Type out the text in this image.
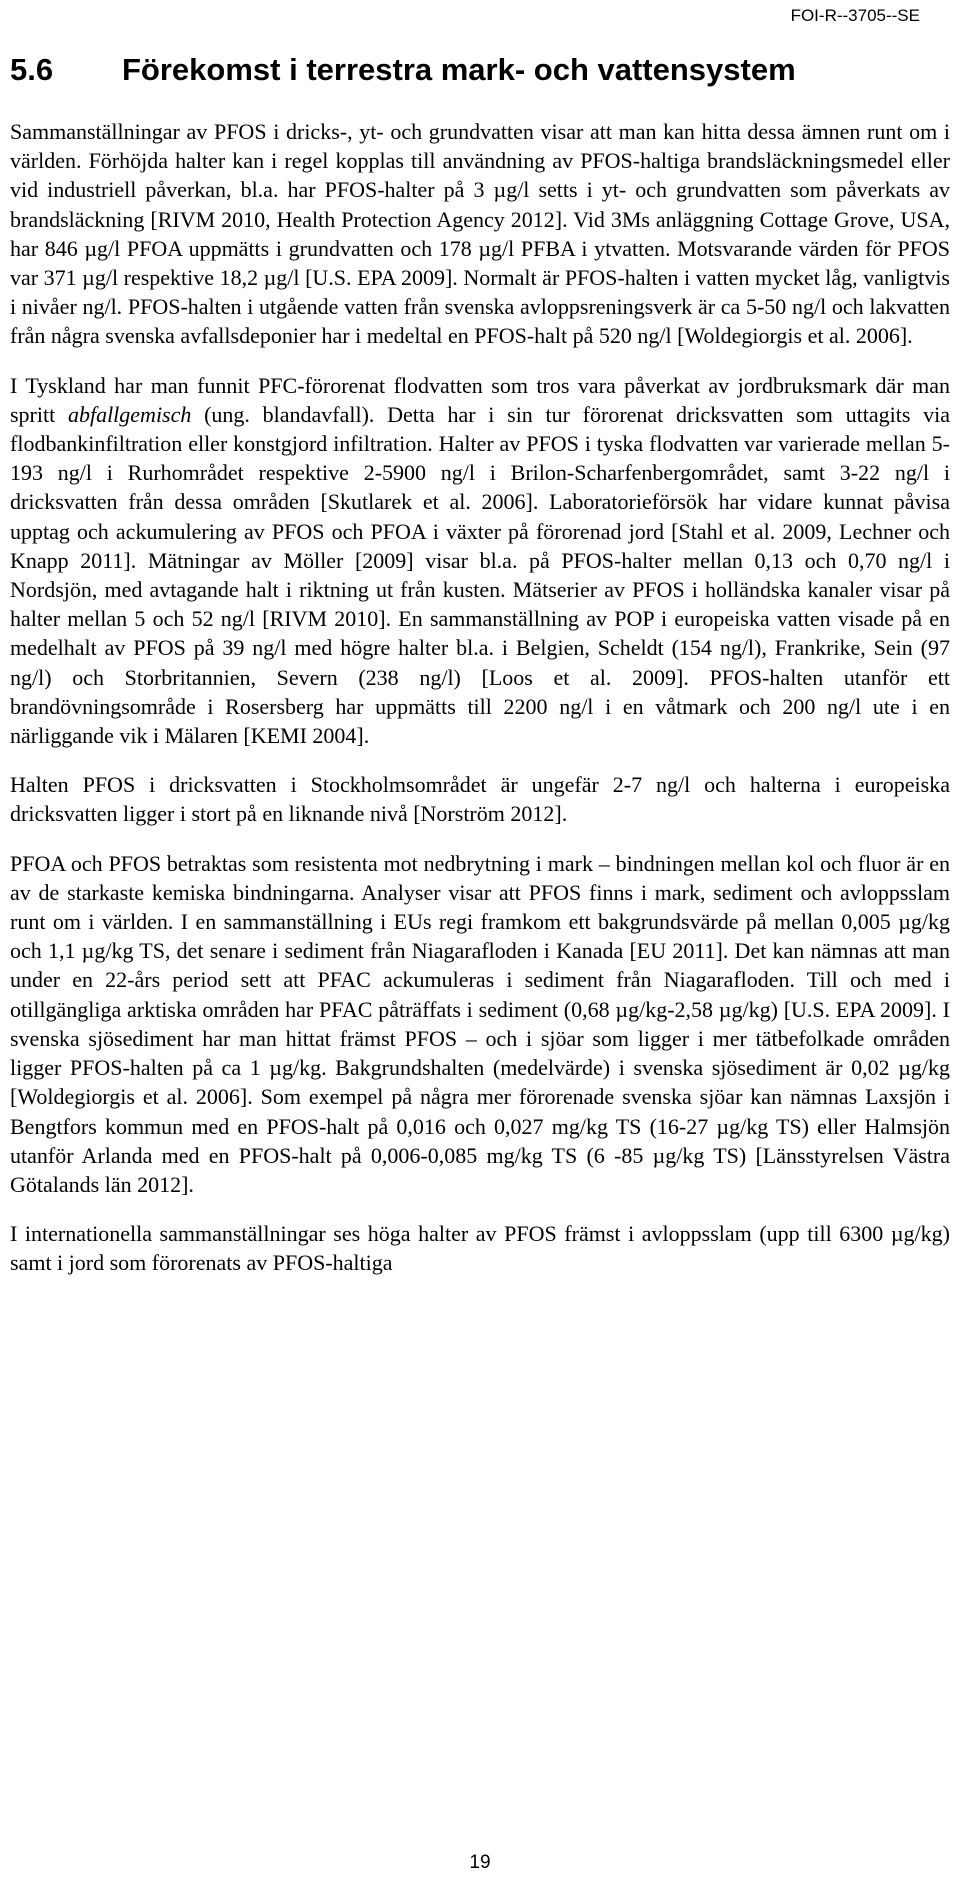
FOI-R--3705--SE
5.6 Förekomst i terrestra mark- och vattensystem

Sammanställningar av PFOS i dricks-, yt- och grundvatten visar att man kan hitta dessa ämnen runt om i världen. Förhöjda halter kan i regel kopplas till användning av PFOS-haltiga brandsläckningsmedel eller vid industriell påverkan, bl.a. har PFOS-halter på 3 µg/l setts i yt- och grundvatten som påverkats av brandsläckning [RIVM 2010, Health Protection Agency 2012]. Vid 3Ms anläggning Cottage Grove, USA, har 846 µg/l PFOA uppmätts i grundvatten och 178 µg/l PFBA i ytvatten. Motsvarande värden för PFOS var 371 µg/l respektive 18,2 µg/l [U.S. EPA 2009]. Normalt är PFOS-halten i vatten mycket låg, vanligtvis i nivåer ng/l. PFOS-halten i utgående vatten från svenska avloppsreningsverk är ca 5-50 ng/l och lakvatten från några svenska avfallsdeponier har i medeltal en PFOS-halt på 520 ng/l [Woldegiorgis et al. 2006].

I Tyskland har man funnit PFC-förorenat flodvatten som tros vara påverkat av jordbruksmark där man spritt abfallgemisch (ung. blandavfall). Detta har i sin tur förorenat dricksvatten som uttagits via flodbankinfiltration eller konstgjord infiltration. Halter av PFOS i tyska flodvatten var varierade mellan 5-193 ng/l i Rurhområdet respektive 2-5900 ng/l i Brilon-Scharfenbergområdet, samt 3-22 ng/l i dricksvatten från dessa områden [Skutlarek et al. 2006]. Laboratorieförsök har vidare kunnat påvisa upptag och ackumulering av PFOS och PFOA i växter på förorenad jord [Stahl et al. 2009, Lechner och Knapp 2011]. Mätningar av Möller [2009] visar bl.a. på PFOS-halter mellan 0,13 och 0,70 ng/l i Nordsjön, med avtagande halt i riktning ut från kusten. Mätserier av PFOS i holländska kanaler visar på halter mellan 5 och 52 ng/l [RIVM 2010]. En sammanställning av POP i europeiska vatten visade på en medelhalt av PFOS på 39 ng/l med högre halter bl.a. i Belgien, Scheldt (154 ng/l), Frankrike, Sein (97 ng/l) och Storbritannien, Severn (238 ng/l) [Loos et al. 2009]. PFOS-halten utanför ett brandövningsområde i Rosersberg har uppmätts till 2200 ng/l i en våtmark och 200 ng/l ute i en närliggande vik i Mälaren [KEMI 2004].

Halten PFOS i dricksvatten i Stockholmsområdet är ungefär 2-7 ng/l och halterna i europeiska dricksvatten ligger i stort på en liknande nivå [Norström 2012].

PFOA och PFOS betraktas som resistenta mot nedbrytning i mark – bindningen mellan kol och fluor är en av de starkaste kemiska bindningarna. Analyser visar att PFOS finns i mark, sediment och avloppsslam runt om i världen. I en sammanställning i EUs regi framkom ett bakgrundsvärde på mellan 0,005 µg/kg och 1,1 µg/kg TS, det senare i sediment från Niagarafloden i Kanada [EU 2011]. Det kan nämnas att man under en 22-års period sett att PFAC ackumuleras i sediment från Niagarafloden. Till och med i otillgängliga arktiska områden har PFAC påträffats i sediment (0,68 µg/kg-2,58 µg/kg) [U.S. EPA 2009]. I svenska sjösediment har man hittat främst PFOS – och i sjöar som ligger i mer tätbefolkade områden ligger PFOS-halten på ca 1 µg/kg. Bakgrundshalten (medelvärde) i svenska sjösediment är 0,02 µg/kg [Woldegiorgis et al. 2006]. Som exempel på några mer förorenade svenska sjöar kan nämnas Laxsjön i Bengtfors kommun med en PFOS-halt på 0,016 och 0,027 mg/kg TS (16-27 µg/kg TS) eller Halmsjön utanför Arlanda med en PFOS-halt på 0,006-0,085 mg/kg TS (6 -85 µg/kg TS) [Länsstyrelsen Västra Götalands län 2012].

I internationella sammanställningar ses höga halter av PFOS främst i avloppsslam (upp till 6300 µg/kg) samt i jord som förorenats av PFOS-haltiga

19
